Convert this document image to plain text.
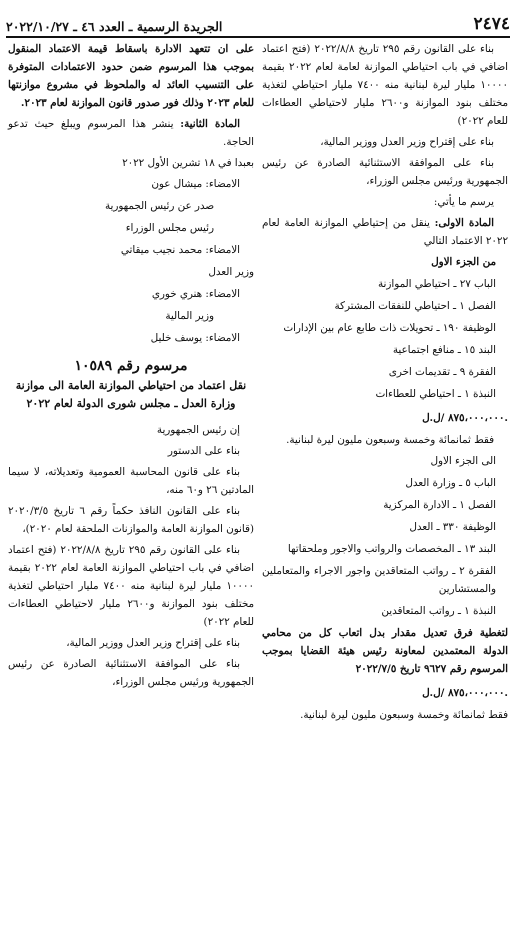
٢٤٧٤
الجريدة الرسمية ـ العدد ٤٦ ـ ٢٠٢٢/١٠/٢٧

بناء على القانون رقم ٢٩٥ تاريخ ٢٠٢٢/٨/٨ (فتح اعتماد اضافي في باب احتياطي الموازنة لعامة لعام ٢٠٢٢ بقيمة ١٠٠٠٠ مليار ليرة لبنانية منه ٧٤٠٠ مليار احتياطي لتغذية مختلف بنود الموازنة و٢٦٠٠ مليار لاحتياطي العطاءات للعام ٢٠٢٢)

بناء على إقتراح وزير العدل ووزير المالية،

بناء على الموافقة الاستثنائية الصادرة عن رئيس الجمهورية ورئيس مجلس الوزراء،

يرسم ما يأتي:

المادة الاولى: ينقل من إحتياطي الموازنة العامة لعام ٢٠٢٢ الاعتماد التالي

من الجزء الاول

الباب ٢٧ ـ احتياطي الموازنة

الفصل ١ ـ احتياطي للنفقات المشتركة

الوظيفة ١٩٠ ـ تحويلات ذات طابع عام بين الإدارات

البند ١٥ ـ منافع اجتماعية

الفقرة ٩ ـ تقديمات اخرى

النبذة ١ ـ احتياطي للعطاءات

٨٧٥،٠٠٠،٠٠٠ /ل.ل.

فقط ثمانمائة وخمسة وسبعون مليون ليرة لبنانية.

الى الجزء الاول

الباب ٥ ـ وزارة العدل

الفصل ١ ـ الادارة المركزية

الوظيفة ٣٣٠ ـ العدل

البند ١٣ ـ المخصصات والرواتب والاجور وملحقاتها

الفقرة ٢ ـ رواتب المتعاقدين واجور الاجراء والمتعاملين والمستشارين

النبذة ١ ـ رواتب المتعاقدين

لتغطية فرق تعديل مقدار بدل اتعاب كل من محامي الدولة المعتمدين لمعاونة رئيس هيئة القضايا بموجب المرسوم رقم ٩٦٢٧ تاريخ ٢٠٢٢/٧/٥

٨٧٥،٠٠٠،٠٠٠ /ل.ل.

فقط ثمانمائة وخمسة وسبعون مليون ليرة لبنانية.

على ان تتعهد الادارة باسقاط قيمة الاعتماد المنقول بموجب هذا المرسوم ضمن حدود الاعتمادات المتوفرة على التنسيب العائد له والملحوظ في مشروع موازنتها للعام ٢٠٢٣ وذلك فور صدور قانون الموازنة لعام ٢٠٢٣.

المادة الثانية: ينشر هذا المرسوم ويبلغ حيث تدعو الحاجة.

بعبدا في ١٨ تشرين الأول ٢٠٢٢

الامضاء: ميشال عون

صدر عن رئيس الجمهورية

رئيس مجلس الوزراء

الامضاء: محمد نجيب ميقاتي

وزير العدل

الامضاء: هنري خوري

وزير المالية

الامضاء: يوسف خليل

مرسوم رقم ١٠٥٨٩

نقل اعتماد من احتياطي الموازنة العامة الى موازنة وزارة العدل ـ مجلس شورى الدولة لعام ٢٠٢٢

إن رئيس الجمهورية

بناء على الدستور

بناء على قانون المحاسبة العمومية وتعديلاته، لا سيما المادتين ٢٦ و٦٠ منه،

بناء على القانون النافذ حكماً رقم ٦ تاريخ ٢٠٢٠/٣/٥ (قانون الموازنة العامة والموازنات الملحقة لعام ٢٠٢٠)،

بناء على القانون رقم ٢٩٥ تاريخ ٢٠٢٢/٨/٨ (فتح اعتماد اضافي في باب احتياطي الموازنة العامة لعام ٢٠٢٢ بقيمة ١٠٠٠٠ مليار ليرة لبنانية منه ٧٤٠٠ مليار احتياطي لتغذية مختلف بنود الموازنة و٢٦٠٠ مليار لاحتياطي العطاءات للعام ٢٠٢٢)

بناء على إقتراح وزير العدل ووزير المالية،

بناء على الموافقة الاستثنائية الصادرة عن رئيس الجمهورية ورئيس مجلس الوزراء،
